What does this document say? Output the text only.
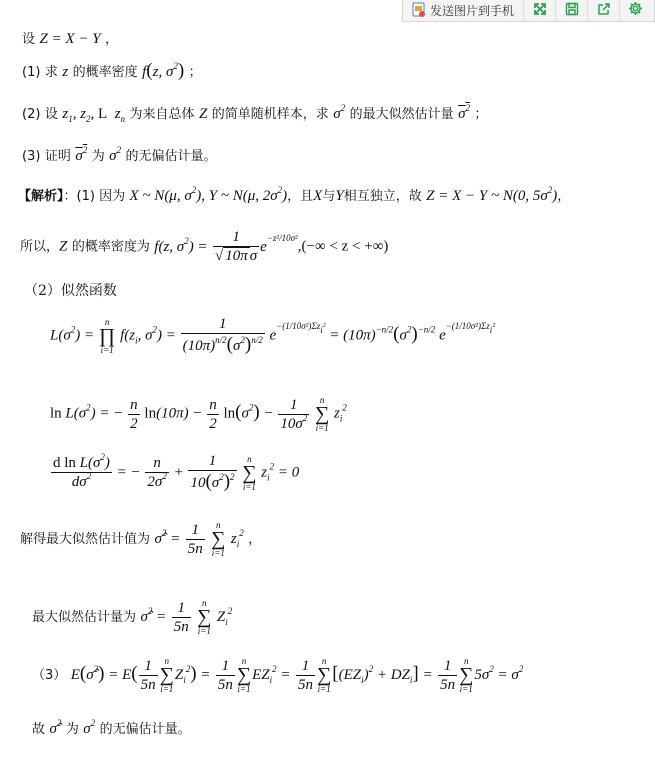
发送图片到手机
设 Z = X − Y ，
(1) 求 z 的概率密度 f(z, $\sigma^2$) ；
(2) 设 $z_1$, $z_2$, L  $z_n$ 为来自总体 Z 的简单随机样本，求 $\sigma^2$ 的最大似然估计量 $\sigma^2$ ；
(3) 证明 $\sigma^2$ 为 $\sigma^2$ 的无偏估计量。
【解析】：(1) 因为 X ~ N(μ, $\sigma^2$), Y ~ N(μ, $2\sigma^2$)，且X与Y相互独立，故 Z = X − Y ~ N(0, $5\sigma^2$)，
所以，Z 的概率密度为 f(z, $\sigma^2) = \frac{1}{\text{√ 10π σ}} e^{-z^2/10\sigma^2},(-\infty < z$ < +∞)
（2）似然函数
$L(\sigma^2)$ =
n
∏
i=1
$f(z_i$, $\sigma^2) = \frac{1}{(10\pi)^{n/2}(\sigma^2)^{n/2}} e^{-(1/10\sigma^2)\Sigma z_i^2} = (10\pi)^{-n/2}(\sigma^2)^{-n/2}$ $e^{-(1/10\sigma^2)\Sigma z_i^2}$
$\ln L(\sigma^2)$ = − $\frac{n}{2} \ln(10\pi) - \frac{n}{2} \ln(\sigma^2) - \frac{1}{10\sigma^2}$
	n
∑
i=1
$z_i^2$
$\frac{d \ln L(\sigma^2)}{d\sigma^2}$ = − $\frac{n}{2\sigma^2} + \frac{1}{10(\sigma^2)^2}$
	n
∑
i=1
$z_i^2 = 0$
解得最大似然估计值为 σ̂$^2$ = $\frac{1}{5n}$
	n
∑
i=1
$z_i^2$ ，
最大似然估计量为 σ̂$^2$ = $\frac{1}{5n}$
	n
∑
i=1
$Z_i^2$
（3） E(σ̂$^2$) = $E( \frac{1}{5n}$ n
∑
i=1
$Z_i^2) = \frac{1}{5n}$ n
∑
i=1
$EZ_i^2 = \frac{1}{5n}$ n
∑
i=1
$[(EZ_i)^2 + DZ_i] = \frac{1}{5n}$ n
∑
i=1
$5\sigma^2 = \sigma^2$
故 σ̂$^2$ 为 $\sigma^2$ 的无偏估计量。
